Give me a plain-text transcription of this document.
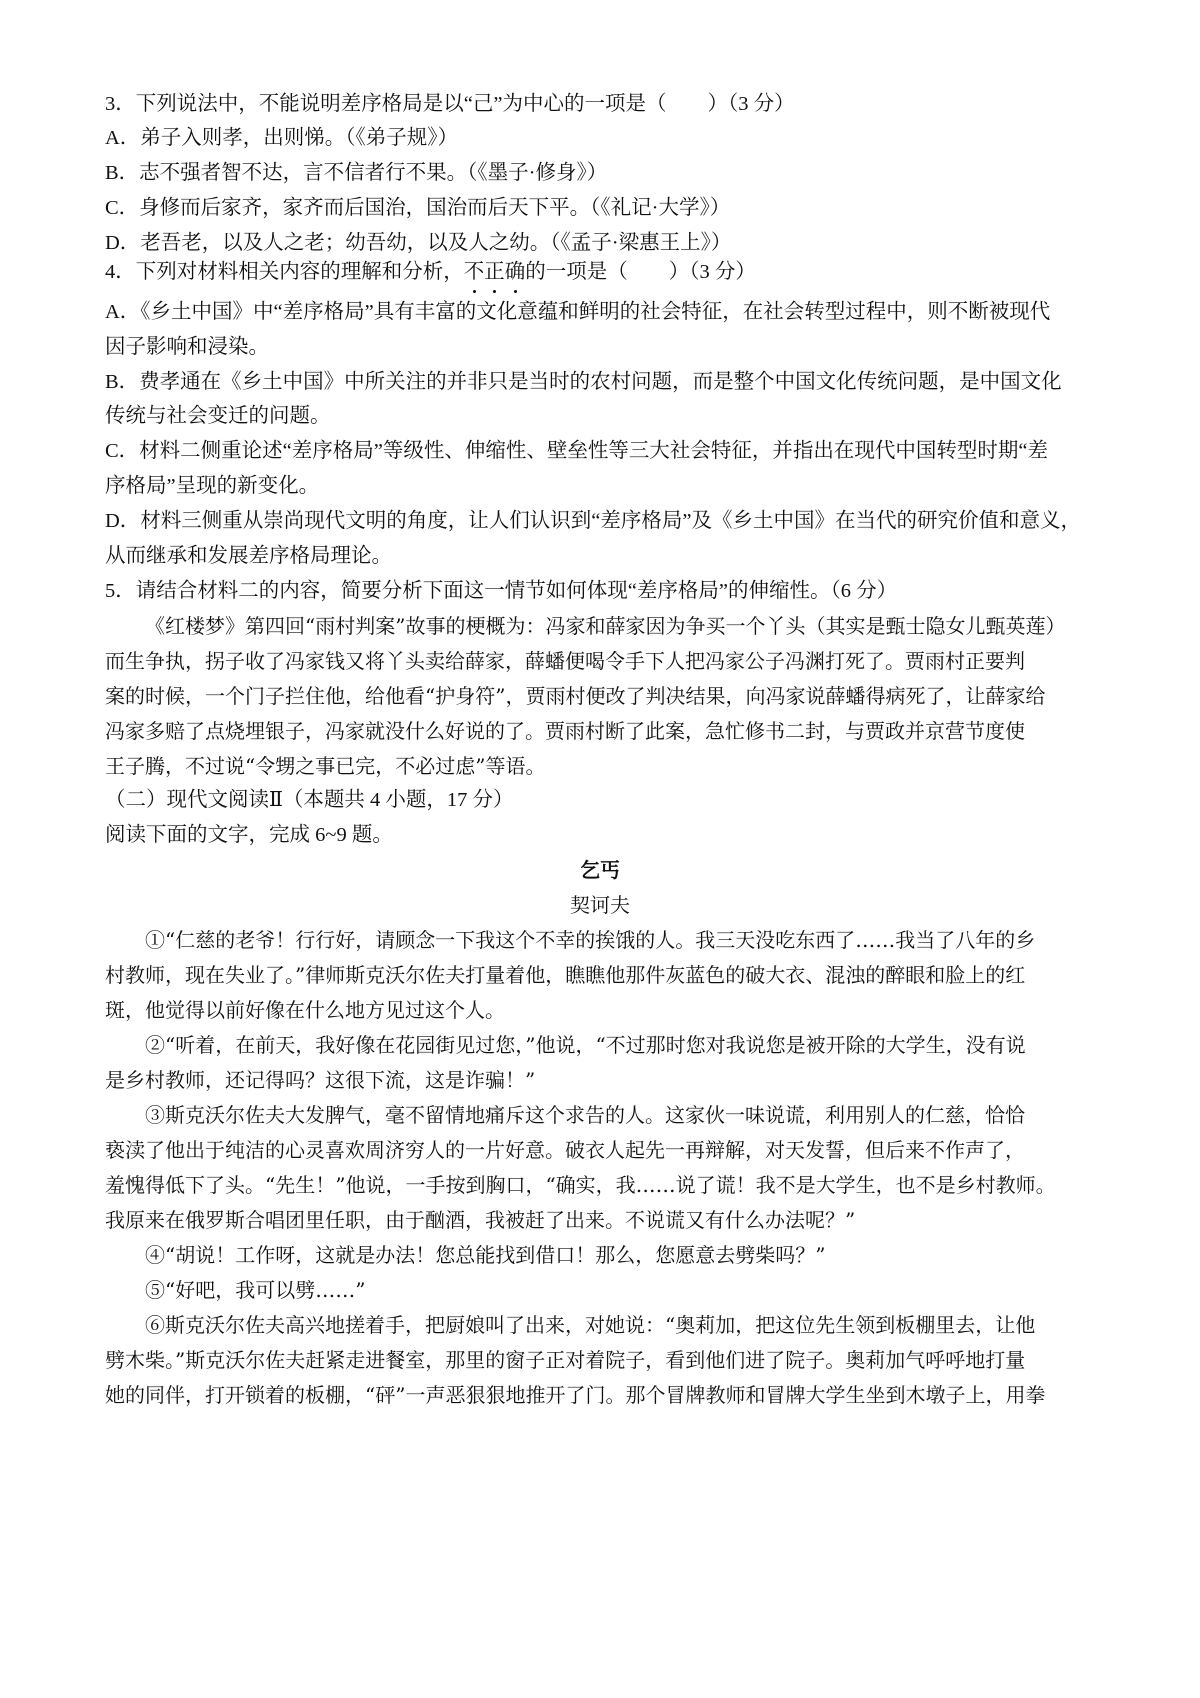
3．下列说法中，不能说明差序格局是以“己”为中心的一项是（　　）（3 分）
A．弟子入则孝，出则悌。（《弟子规》）
B．志不强者智不达，言不信者行不果。（《墨子·修身》）
C．身修而后家齐，家齐而后国治，国治而后天下平。（《礼记·大学》）
D．老吾老，以及人之老；幼吾幼，以及人之幼。（《孟子·梁惠王上》）
4．下列对材料相关内容的理解和分析，不正确的一项是（　　）（3 分）
A．《乡土中国》中“差序格局”具有丰富的文化意蕴和鲜明的社会特征，在社会转型过程中，则不断被现代
因子影响和浸染。
B．费孝通在《乡土中国》中所关注的并非只是当时的农村问题，而是整个中国文化传统问题，是中国文化
传统与社会变迁的问题。
C．材料二侧重论述“差序格局”等级性、伸缩性、壁垒性等三大社会特征，并指出在现代中国转型时期“差
序格局”呈现的新变化。
D．材料三侧重从崇尚现代文明的角度，让人们认识到“差序格局”及《乡土中国》在当代的研究价值和意义，
从而继承和发展差序格局理论。
5．请结合材料二的内容，简要分析下面这一情节如何体现“差序格局”的伸缩性。（6 分）
《红楼梦》第四回“雨村判案”故事的梗概为：冯家和薛家因为争买一个丫头（其实是甄士隐女儿甄英莲）
而生争执，拐子收了冯家钱又将丫头卖给薛家，薛蟠便喝令手下人把冯家公子冯渊打死了。贾雨村正要判
案的时候，一个门子拦住他，给他看“护身符”，贾雨村便改了判决结果，向冯家说薛蟠得病死了，让薛家给
冯家多赔了点烧埋银子，冯家就没什么好说的了。贾雨村断了此案，急忙修书二封，与贾政并京营节度使
王子腾，不过说“令甥之事已完，不必过虑”等语。
（二）现代文阅读Ⅱ（本题共 4 小题，17 分）
阅读下面的文字，完成 6~9 题。
乞丐
契诃夫
①“仁慈的老爷！行行好，请顾念一下我这个不幸的挨饿的人。我三天没吃东西了……我当了八年的乡
村教师，现在失业了。”律师斯克沃尔佐夫打量着他，瞧瞧他那件灰蓝色的破大衣、混浊的醉眼和脸上的红
斑，他觉得以前好像在什么地方见过这个人。
②“听着，在前天，我好像在花园街见过您，”他说，“不过那时您对我说您是被开除的大学生，没有说
是乡村教师，还记得吗？这很下流，这是诈骗！”
③斯克沃尔佐夫大发脾气，毫不留情地痛斥这个求告的人。这家伙一味说谎，利用别人的仁慈，恰恰
亵渎了他出于纯洁的心灵喜欢周济穷人的一片好意。破衣人起先一再辩解，对天发誓，但后来不作声了，
羞愧得低下了头。“先生！”他说，一手按到胸口，“确实，我……说了谎！我不是大学生，也不是乡村教师。
我原来在俄罗斯合唱团里任职，由于酗酒，我被赶了出来。不说谎又有什么办法呢？”
④“胡说！工作呀，这就是办法！您总能找到借口！那么，您愿意去劈柴吗？”
⑤“好吧，我可以劈……”
⑥斯克沃尔佐夫高兴地搓着手，把厨娘叫了出来，对她说：“奥莉加，把这位先生领到板棚里去，让他
劈木柴。”斯克沃尔佐夫赶紧走进餐室，那里的窗子正对着院子，看到他们进了院子。奥莉加气呼呼地打量
她的同伴，打开锁着的板棚，“砰”一声恶狠狠地推开了门。那个冒牌教师和冒牌大学生坐到木墩子上，用拳
